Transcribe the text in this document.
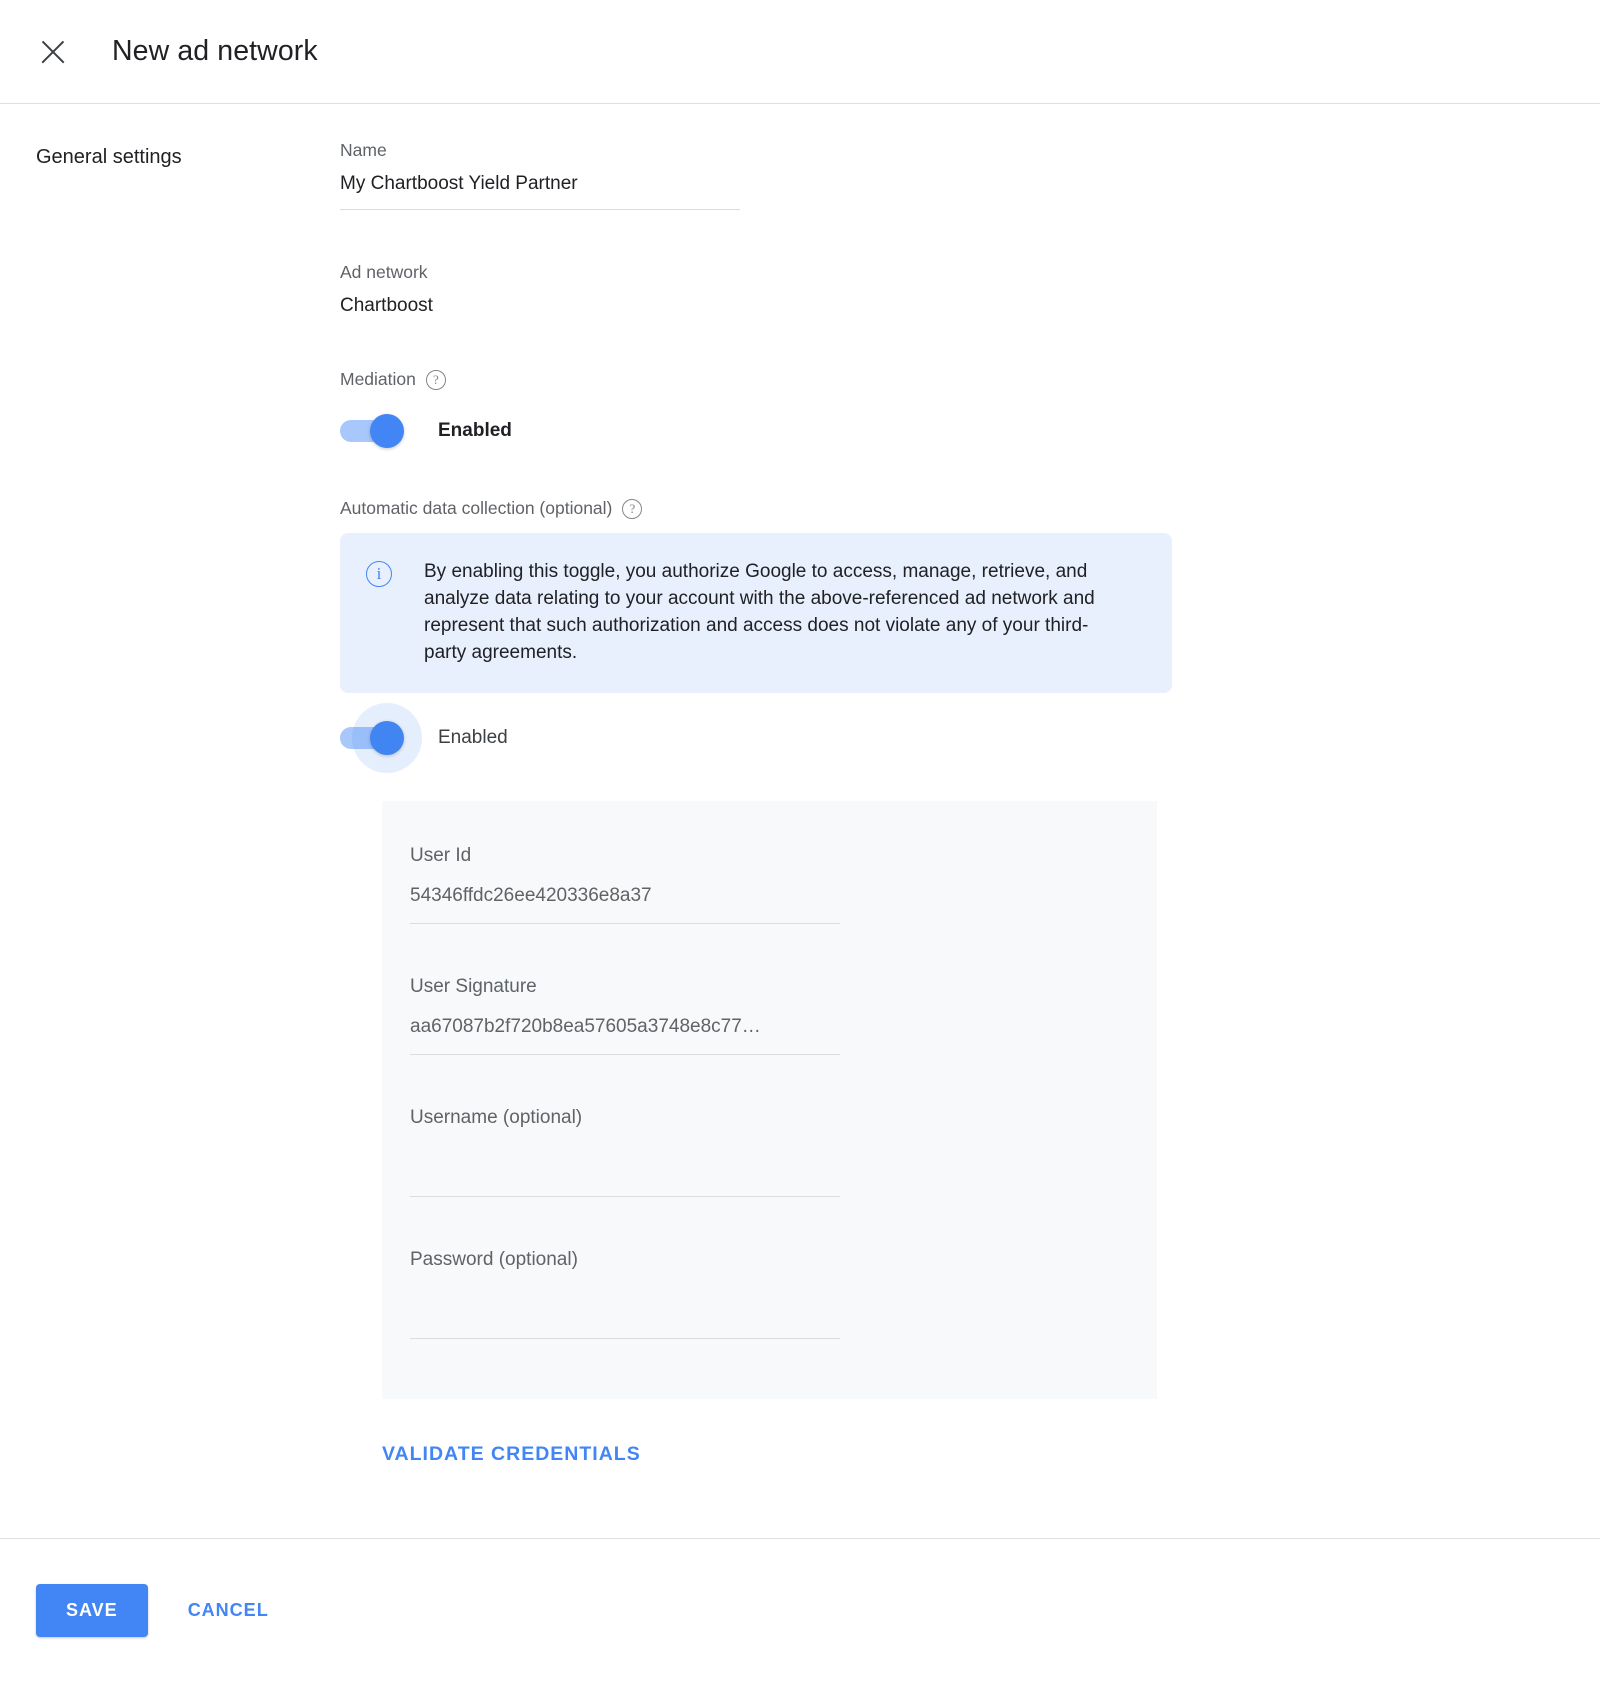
New ad network
General settings	Name
My Chartboost Yield Partner
Ad network
Chartboost
Mediation	?
Enabled
Automatic data collection (optional)	?
i	By enabling this toggle, you authorize Google to access, manage, retrieve, and analyze data relating to your account with the above-referenced ad network and represent that such authorization and access does not violate any of your third-party agreements.
Enabled
User Id
54346ffdc26ee420336e8a37
User Signature
aa67087b2f720b8ea57605a3748e8c77…
Username (optional)
Password (optional)
VALIDATE CREDENTIALS
SAVE	CANCEL
